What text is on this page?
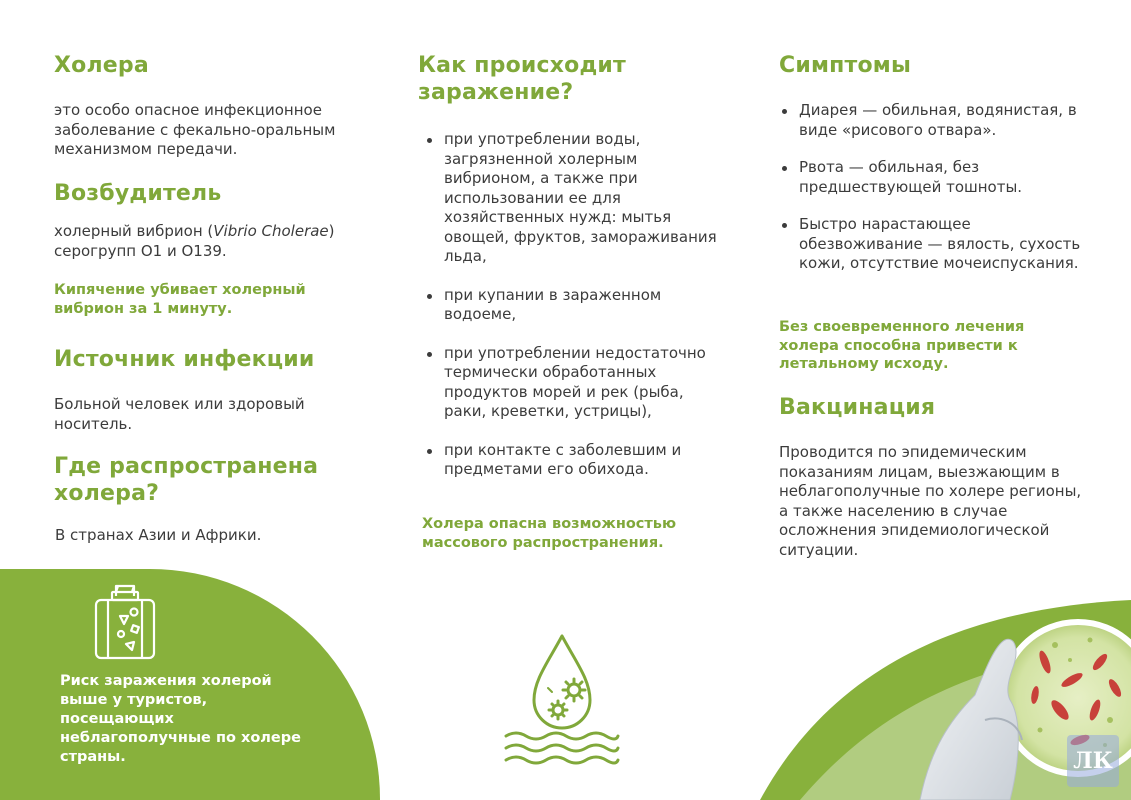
Холера
это особо опасное инфекционное заболевание с фекально-оральным механизмом передачи.
Возбудитель
холерный вибрион (Vibrio Cholerae) серогрупп О1 и О139.
Кипячение убивает холерный вибрион за 1 минуту.
Источник инфекции
Больной человек или здоровый носитель.
Где распространена холера?
В странах Азии и Африки.
Риск заражения холерой выше у туристов, посещающих неблагополучные по холере страны.
Как происходит заражение?
при употреблении воды, загрязненной холерным вибрионом, а также при использовании ее для хозяйственных нужд: мытья овощей, фруктов, замораживания льда,
при купании в зараженном водоеме,
при употреблении недостаточно термически обработанных продуктов морей и рек (рыба, раки, креветки, устрицы),
при контакте с заболевшим и предметами его обихода.
Холера опасна возможностью массового распространения.
Симптомы
Диарея — обильная, водянистая, в виде «рисового отвара».
Рвота — обильная, без предшествующей тошноты.
Быстро нарастающее обезвоживание — вялость, сухость кожи, отсутствие мочеиспускания.
Без своевременного лечения холера способна привести к летальному исходу.
Вакцинация
Проводится по эпидемическим показаниям лицам, выезжающим в неблагополучные по холере регионы, а также населению в случае осложнения эпидемиологической ситуации.
ЛК
